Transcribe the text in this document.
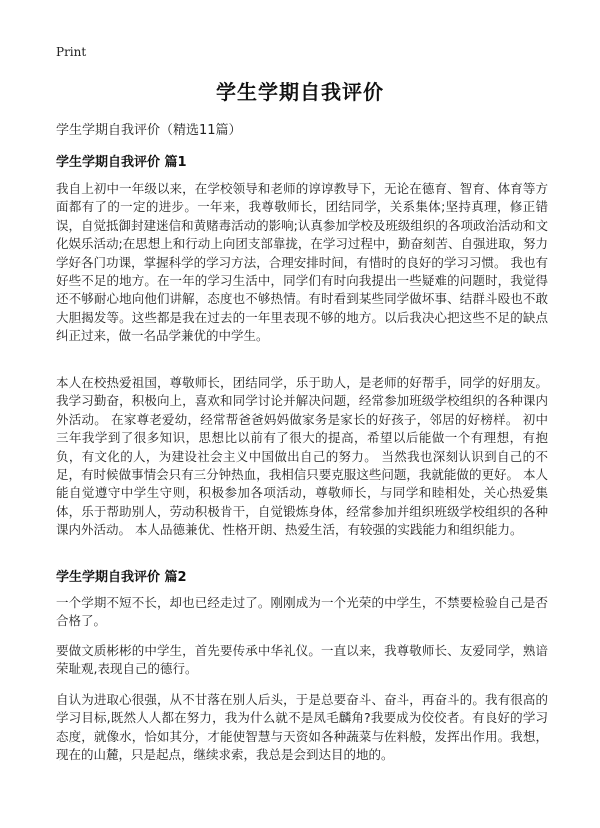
Print
学生学期自我评价
学生学期自我评价（精选11篇）
学生学期自我评价 篇1

我自上初中一年级以来，在学校领导和老师的谆谆教导下，无论在德育、智育、体育等方面都有了的一定的进步。一年来，我尊敬师长，团结同学，关系集体;坚持真理，修正错误，自觉抵御封建迷信和黄赌毒活动的影响;认真参加学校及班级组织的各项政治活动和文化娱乐活动;在思想上和行动上向团支部靠拢，在学习过程中，勤奋刻苦、自强进取，努力学好各门功课，掌握科学的学习方法，合理安排时间，有惜时的良好的学习习惯。 我也有好些不足的地方。在一年的学习生活中，同学们有时向我提出一些疑难的问题时，我觉得还不够耐心地向他们讲解，态度也不够热情。有时看到某些同学做坏事、结群斗殴也不敢大胆揭发等。这些都是我在过去的一年里表现不够的地方。以后我决心把这些不足的缺点纠正过来，做一名品学兼优的中学生。

本人在校热爱祖国，尊敬师长，团结同学，乐于助人，是老师的好帮手，同学的好朋友。我学习勤奋，积极向上，喜欢和同学讨论并解决问题，经常参加班级学校组织的各种课内外活动。 在家尊老爱幼，经常帮爸爸妈妈做家务是家长的好孩子，邻居的好榜样。 初中三年我学到了很多知识，思想比以前有了很大的提高，希望以后能做一个有理想，有抱负，有文化的人，为建设社会主义中国做出自己的努力。 当然我也深刻认识到自己的不足，有时候做事情会只有三分钟热血，我相信只要克服这些问题，我就能做的更好。 本人能自觉遵守中学生守则，积极参加各项活动，尊敬师长，与同学和睦相处，关心热爱集体，乐于帮助别人，劳动积极肯干，自觉锻炼身体，经常参加并组织班级学校组织的各种课内外活动。 本人品德兼优、性格开朗、热爱生活，有较强的实践能力和组织能力。

学生学期自我评价 篇2

一个学期不短不长，却也已经走过了。刚刚成为一个光荣的中学生，不禁要检验自己是否合格了。

要做文质彬彬的中学生，首先要传承中华礼仪。一直以来，我尊敬师长、友爱同学，熟谙荣耻观,表现自己的德行。

自认为进取心很强，从不甘落在别人后头，于是总要奋斗、奋斗，再奋斗的。我有很高的学习目标,既然人人都在努力，我为什么就不是凤毛麟角?我要成为佼佼者。有良好的学习态度，就像水，恰如其分，才能使智慧与天资如各种蔬菜与佐料般，发挥出作用。我想，现在的山麓，只是起点，继续求索，我总是会到达目的地的。
